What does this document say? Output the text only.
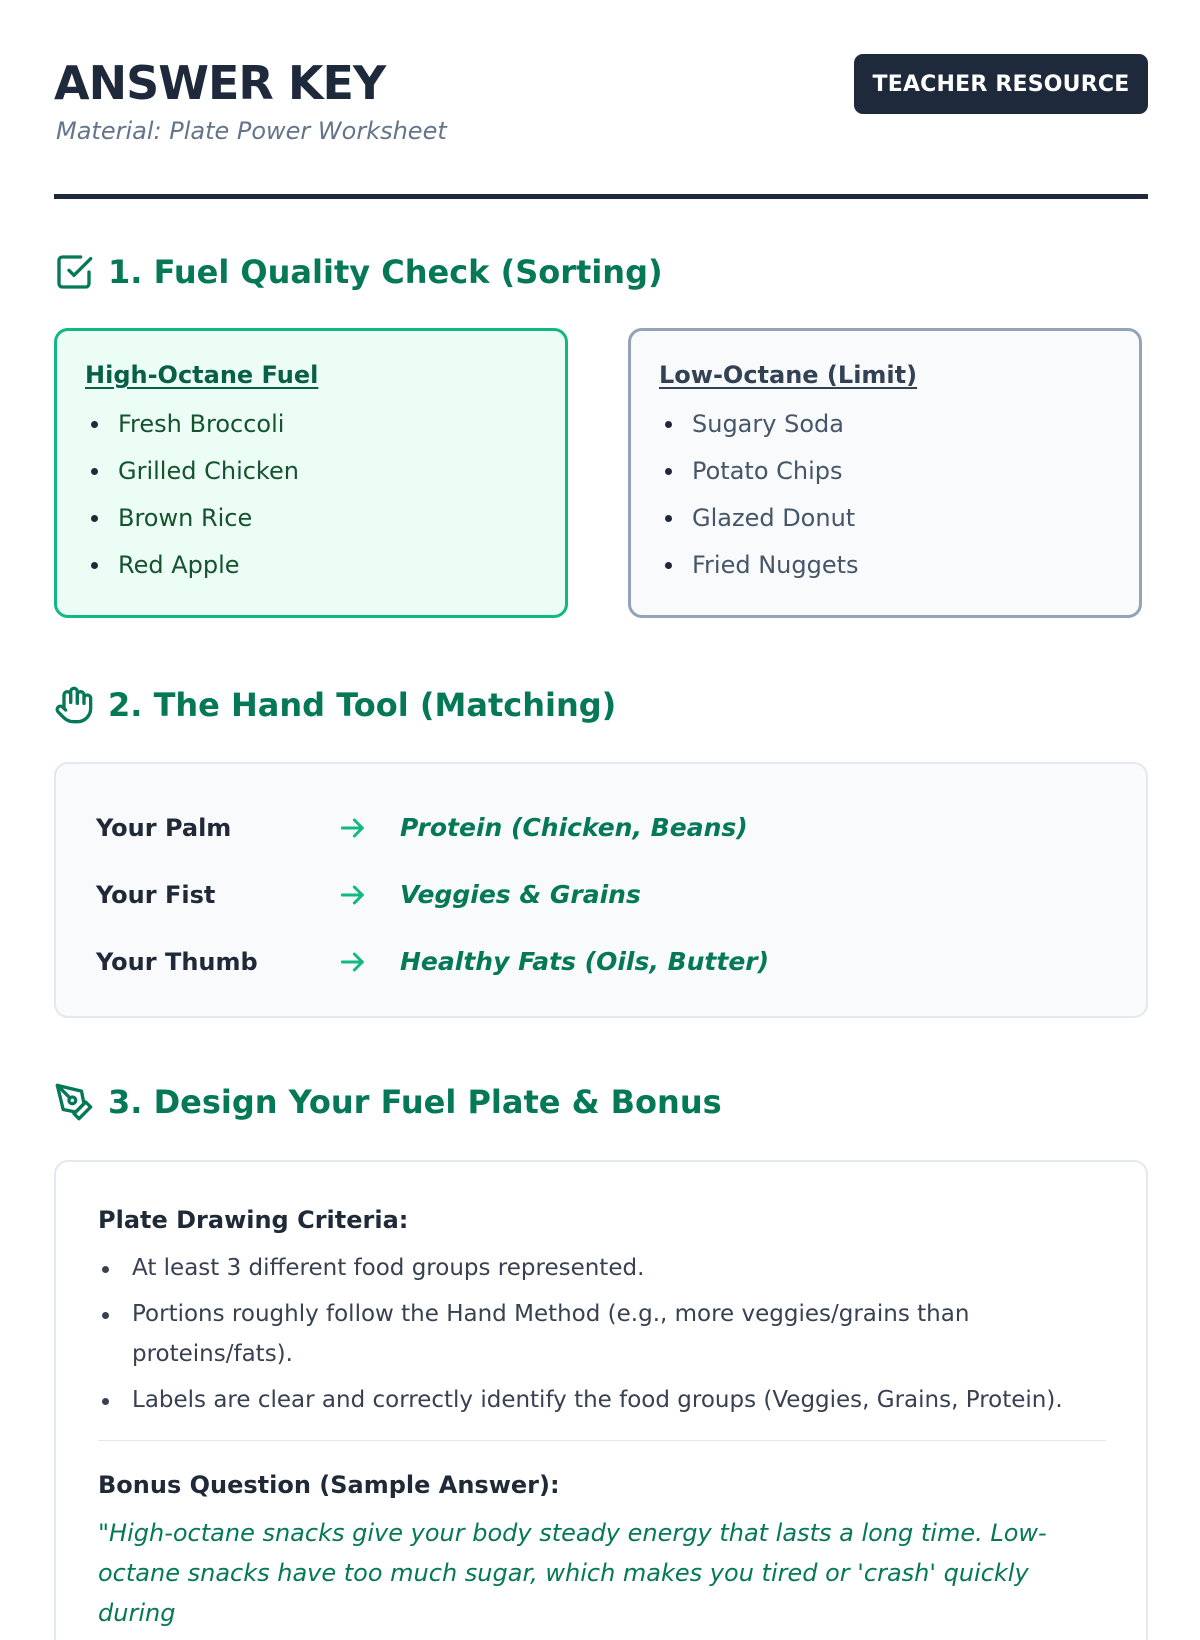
ANSWER KEY
Material: Plate Power Worksheet
TEACHER RESOURCE
1. Fuel Quality Check (Sorting)
High-Octane Fuel
Fresh Broccoli
Grilled Chicken
Brown Rice
Red Apple
Low-Octane (Limit)
Sugary Soda
Potato Chips
Glazed Donut
Fried Nuggets
2. The Hand Tool (Matching)
Your Palm	Protein (Chicken, Beans)
Your Fist	Veggies & Grains
Your Thumb	Healthy Fats (Oils, Butter)
3. Design Your Fuel Plate & Bonus

Plate Drawing Criteria:

At least 3 different food groups represented.
Portions roughly follow the Hand Method (e.g., more veggies/grains than proteins/fats).
Labels are clear and correctly identify the food groups (Veggies, Grains, Protein).

Bonus Question (Sample Answer):

"High-octane snacks give your body steady energy that lasts a long time. Low-octane snacks have too much sugar, which makes you tired or 'crash' quickly during
